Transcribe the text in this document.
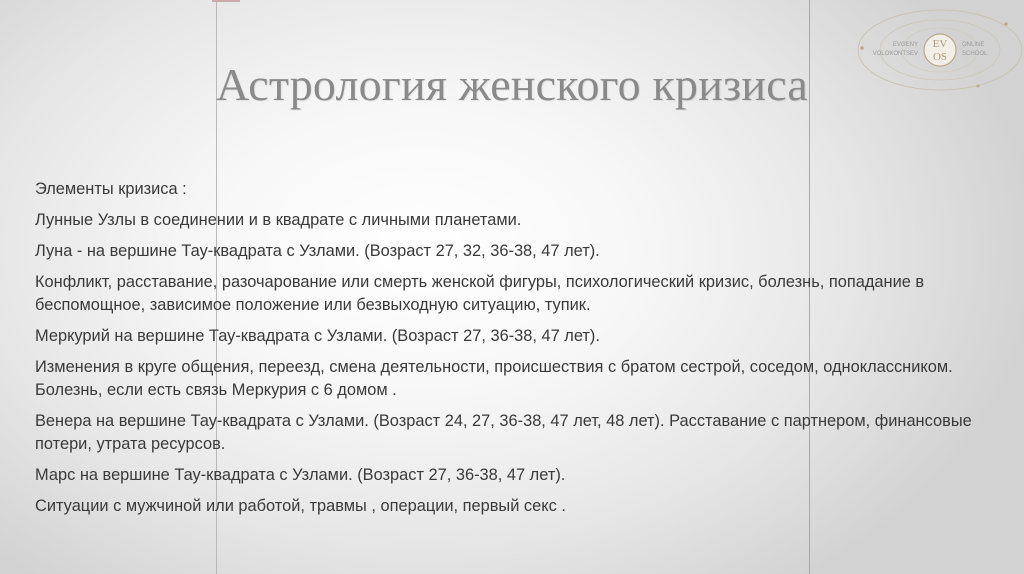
EV
OS
EVGENY
VOLOKONTSEV
ONLINE
SCHOOL
Астрология женского кризиса

Элементы кризиса :

Лунные Узлы в соединении и в квадрате с личными планетами.

Луна - на вершине Тау-квадрата с Узлами. (Возраст 27, 32, 36-38, 47 лет).

Конфликт, расставание, разочарование или смерть женской фигуры, психологический кризис, болезнь, попадание в беспомощное, зависимое положение или безвыходную ситуацию, тупик.

Меркурий на вершине Тау-квадрата с Узлами. (Возраст 27, 36-38, 47 лет).

Изменения в круге общения, переезд, смена деятельности, происшествия с братом сестрой, соседом, одноклассником. Болезнь, если есть связь Меркурия с 6 домом .

Венера на вершине Тау-квадрата с Узлами. (Возраст 24, 27, 36-38, 47 лет, 48 лет). Расставание с партнером, финансовые потери, утрата ресурсов.

Марс на вершине Тау-квадрата с Узлами. (Возраст 27, 36-38, 47 лет).

Ситуации с мужчиной или работой, травмы , операции, первый секс .
